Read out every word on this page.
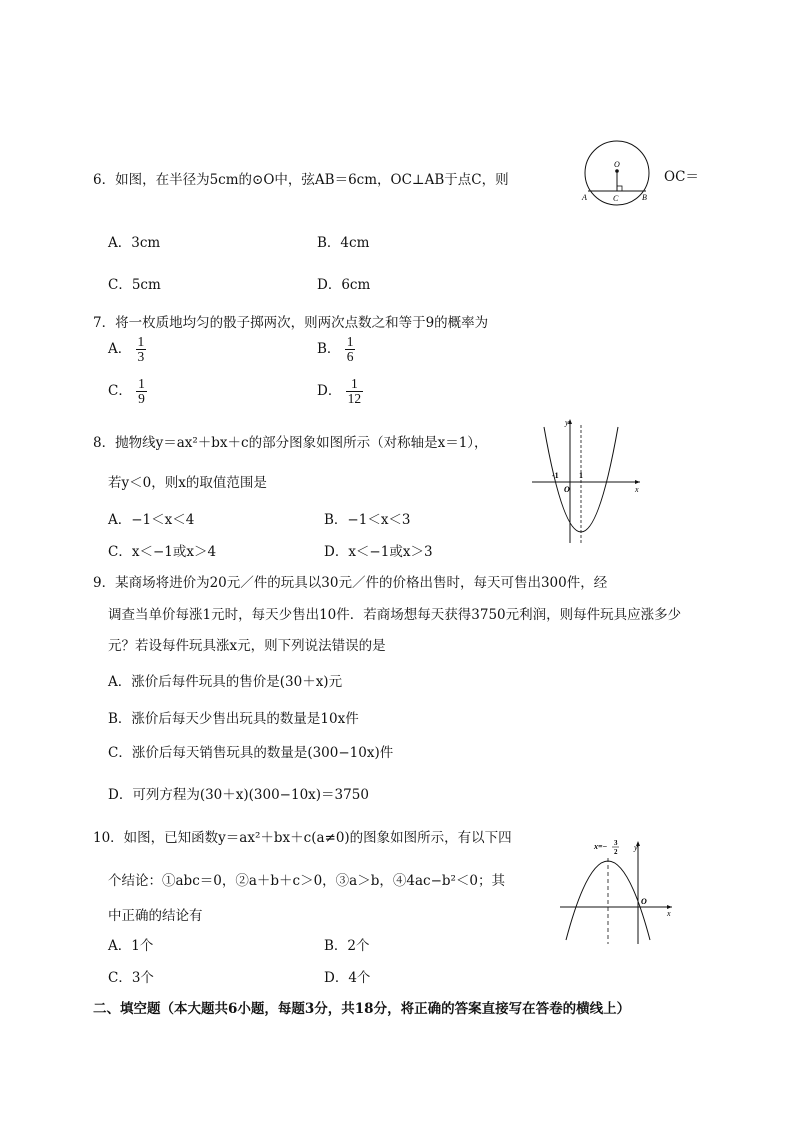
6．如图，在半径为5cm的⊙O中，弦AB＝6cm，OC⊥AB于点C，则
O
A	B
C
OC＝
A．3cm	B．4cm
C．5cm	D．6cm
7．将一枚质地均匀的骰子掷两次，则两次点数之和等于9的概率为
A． $\frac{1}{3}$	B． $\frac{1}{6}$
C． $\frac{1}{9}$	D． $\frac{1}{12}$
8．抛物线y＝ax²＋bx＋c的部分图象如图所示（对称轴是x＝1），
若y＜0，则x的取值范围是
A．−1＜x＜4	B．−1＜x＜3
C．x＜−1或x＞4	D．x＜−1或x＞3
y
x
O
-1	1
9．某商场将进价为20元／件的玩具以30元／件的价格出售时，每天可售出300件，经
调查当单价每涨1元时，每天少售出10件．若商场想每天获得3750元利润，则每件玩具应涨多少
元？若设每件玩具涨x元，则下列说法错误的是
A．涨价后每件玩具的售价是(30＋x)元
B．涨价后每天少售出玩具的数量是10x件
C．涨价后每天销售玩具的数量是(300−10x)件
D．可列方程为(30＋x)(300−10x)＝3750
10．如图，已知函数y＝ax²＋bx＋c(a≠0)的图象如图所示，有以下四
个结论：①abc＝0，②a＋b＋c＞0，③a＞b，④4ac−b²＜0；其
中正确的结论有
A．1个	B．2个
C．3个	D．4个
x=− 3
2 y
x
O
二、填空题（本大题共6小题，每题3分，共18分，将正确的答案直接写在答卷的横线上）
